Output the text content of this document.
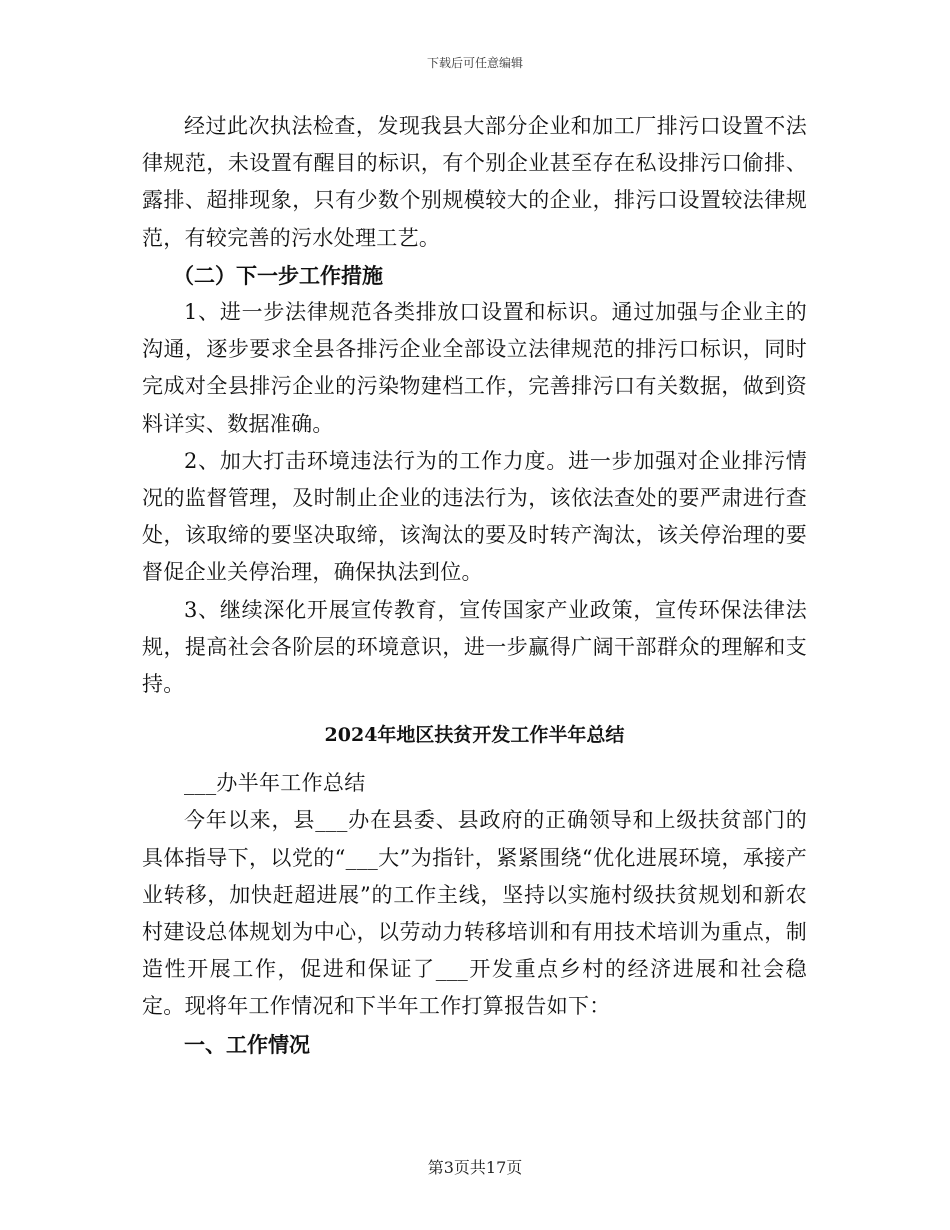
下载后可任意编辑

经过此次执法检查，发现我县大部分企业和加工厂排污口设置不法律规范，未设置有醒目的标识，有个别企业甚至存在私设排污口偷排、露排、超排现象，只有少数个别规模较大的企业，排污口设置较法律规范，有较完善的污水处理工艺。

（二）下一步工作措施

1、进一步法律规范各类排放口设置和标识。通过加强与企业主的沟通，逐步要求全县各排污企业全部设立法律规范的排污口标识，同时完成对全县排污企业的污染物建档工作，完善排污口有关数据，做到资料详实、数据准确。

2、加大打击环境违法行为的工作力度。进一步加强对企业排污情况的监督管理，及时制止企业的违法行为，该依法查处的要严肃进行查处，该取缔的要坚决取缔，该淘汰的要及时转产淘汰，该关停治理的要督促企业关停治理，确保执法到位。

3、继续深化开展宣传教育，宣传国家产业政策，宣传环保法律法规，提高社会各阶层的环境意识，进一步赢得广阔干部群众的理解和支持。

2024年地区扶贫开发工作半年总结

___办半年工作总结

今年以来，县___办在县委、县政府的正确领导和上级扶贫部门的具体指导下，以党的“___大”为指针，紧紧围绕“优化进展环境，承接产业转移，加快赶超进展”的工作主线，坚持以实施村级扶贫规划和新农村建设总体规划为中心，以劳动力转移培训和有用技术培训为重点，制造性开展工作，促进和保证了___开发重点乡村的经济进展和社会稳定。现将年工作情况和下半年工作打算报告如下：

一、工作情况

第3页共17页
